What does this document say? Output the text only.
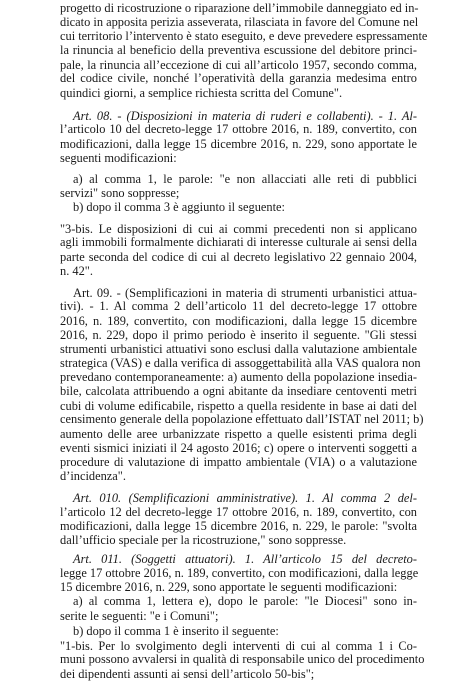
progetto di ricostruzione o riparazione dell’immobile danneggiato ed in-
dicato in apposita perizia asseverata, rilasciata in favore del Comune nel
cui territorio l’intervento è stato eseguito, e deve prevedere espressamente
la rinuncia al beneficio della preventiva escussione del debitore princi-
pale, la rinuncia all’eccezione di cui all’articolo 1957, secondo comma,
del codice civile, nonché l’operatività della garanzia medesima entro
quindici giorni, a semplice richiesta scritta del Comune".
Art. 08. - (Disposizioni in materia di ruderi e collabenti). - 1. Al-
l’articolo 10 del decreto-legge 17 ottobre 2016, n. 189, convertito, con
modificazioni, dalla legge 15 dicembre 2016, n. 229, sono apportate le
seguenti modificazioni:
a) al comma 1, le parole: "e non allacciati alle reti di pubblici
servizi" sono soppresse;
b) dopo il comma 3 è aggiunto il seguente:
"3-bis. Le disposizioni di cui ai commi precedenti non si applicano
agli immobili formalmente dichiarati di interesse culturale ai sensi della
parte seconda del codice di cui al decreto legislativo 22 gennaio 2004,
n. 42".
Art. 09. - (Semplificazioni in materia di strumenti urbanistici attua-
tivi). - 1. Al comma 2 dell’articolo 11 del decreto-legge 17 ottobre
2016, n. 189, convertito, con modificazioni, dalla legge 15 dicembre
2016, n. 229, dopo il primo periodo è inserito il seguente. "Gli stessi
strumenti urbanistici attuativi sono esclusi dalla valutazione ambientale
strategica (VAS) e dalla verifica di assoggettabilità alla VAS qualora non
prevedano contemporaneamente: a) aumento della popolazione insedia-
bile, calcolata attribuendo a ogni abitante da insediare centoventi metri
cubi di volume edificabile, rispetto a quella residente in base ai dati del
censimento generale della popolazione effettuato dall’ISTAT nel 2011; b)
aumento delle aree urbanizzate rispetto a quelle esistenti prima degli
eventi sismici iniziati il 24 agosto 2016; c) opere o interventi soggetti a
procedure di valutazione di impatto ambientale (VIA) o a valutazione
d’incidenza".
Art. 010. (Semplificazioni amministrative). 1. Al comma 2 del-
l’articolo 12 del decreto-legge 17 ottobre 2016, n. 189, convertito, con
modificazioni, dalla legge 15 dicembre 2016, n. 229, le parole: "svolta
dall’ufficio speciale per la ricostruzione," sono soppresse.
Art. 011. (Soggetti attuatori). 1. All’articolo 15 del decreto-
legge 17 ottobre 2016, n. 189, convertito, con modificazioni, dalla legge
15 dicembre 2016, n. 229, sono apportate le seguenti modificazioni:
a) al comma 1, lettera e), dopo le parole: "le Diocesi" sono in-
serite le seguenti: "e i Comuni";
b) dopo il comma 1 è inserito il seguente:
"1-bis. Per lo svolgimento degli interventi di cui al comma 1 i Co-
muni possono avvalersi in qualità di responsabile unico del procedimento
dei dipendenti assunti ai sensi dell’articolo 50-bis";
